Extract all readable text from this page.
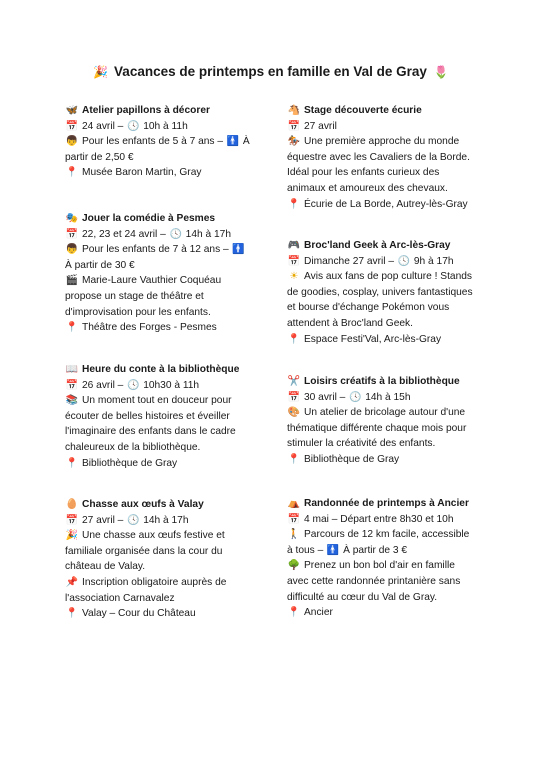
🎉 Vacances de printemps en famille en Val de Gray 🌷
🦋 Atelier papillons à décorer
📅 24 avril – 🕓 10h à 11h
👦 Pour les enfants de 5 à 7 ans – 🚹 À partir de 2,50 €
📍 Musée Baron Martin, Gray
🎭 Jouer la comédie à Pesmes
📅 22, 23 et 24 avril – 🕓 14h à 17h
👦 Pour les enfants de 7 à 12 ans – 🚹À partir de 30 €
🎬 Marie-Laure Vauthier Coquéau propose un stage de théâtre et d'improvisation pour les enfants.
📍 Théâtre des Forges - Pesmes
📖 Heure du conte à la bibliothèque
📅 26 avril – 🕓 10h30 à 11h
📚 Un moment tout en douceur pour écouter de belles histoires et éveiller l'imaginaire des enfants dans le cadre chaleureux de la bibliothèque.
📍 Bibliothèque de Gray
🥚 Chasse aux œufs à Valay
📅 27 avril – 🕓 14h à 17h
🎉 Une chasse aux œufs festive et familiale organisée dans la cour du château de Valay.
📌 Inscription obligatoire auprès de l'association Carnavalez
📍 Valay – Cour du Château
🐴 Stage découverte écurie
📅 27 avril
🏇 Une première approche du monde équestre avec les Cavaliers de la Borde. Idéal pour les enfants curieux des animaux et amoureux des chevaux.
📍 Écurie de La Borde, Autrey-lès-Gray
🎮 Broc'land Geek à Arc-lès-Gray
📅 Dimanche 27 avril – 🕓 9h à 17h
☀ Avis aux fans de pop culture ! Stands de goodies, cosplay, univers fantastiques et bourse d'échange Pokémon vous attendent à Broc'land Geek.
📍 Espace Festi'Val, Arc-lès-Gray
✂️ Loisirs créatifs à la bibliothèque
📅 30 avril – 🕓 14h à 15h
🎨 Un atelier de bricolage autour d'une thématique différente chaque mois pour stimuler la créativité des enfants.
📍 Bibliothèque de Gray
⛺ Randonnée de printemps à Ancier
📅 4 mai – Départ entre 8h30 et 10h
🚶 Parcours de 12 km facile, accessible à tous – 🚹 À partir de 3 €
🌳 Prenez un bon bol d'air en famille avec cette randonnée printanière sans difficulté au cœur du Val de Gray.
📍 Ancier
